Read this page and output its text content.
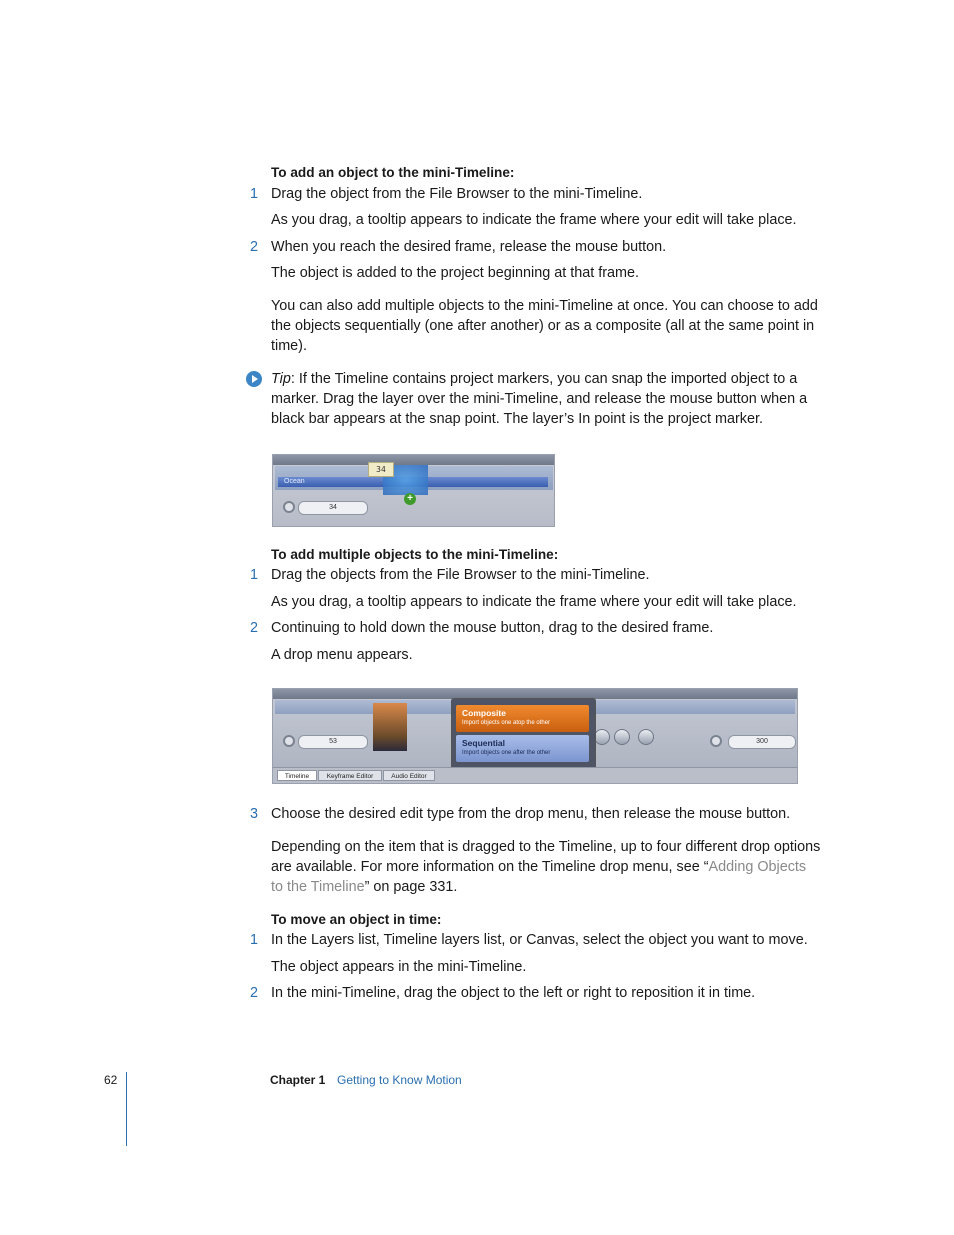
To add an object to the mini-Timeline:
1 Drag the object from the File Browser to the mini-Timeline.
As you drag, a tooltip appears to indicate the frame where your edit will take place.
2 When you reach the desired frame, release the mouse button.
The object is added to the project beginning at that frame.
You can also add multiple objects to the mini-Timeline at once. You can choose to add the objects sequentially (one after another) or as a composite (all at the same point in time).
Tip: If the Timeline contains project markers, you can snap the imported object to a marker. Drag the layer over the mini-Timeline, and release the mouse button when a black bar appears at the snap point. The layer’s In point is the project marker.
Ocean
34
+
34
To add multiple objects to the mini-Timeline:
1 Drag the objects from the File Browser to the mini-Timeline.
As you drag, a tooltip appears to indicate the frame where your edit will take place.
2 Continuing to hold down the mouse button, drag to the desired frame.
A drop menu appears.
53	300
Composite
Import objects one atop the other
Sequential
Import objects one after the other
Timeline	Keyframe Editor	Audio Editor
3 Choose the desired edit type from the drop menu, then release the mouse button.
Depending on the item that is dragged to the Timeline, up to four different drop options are available. For more information on the Timeline drop menu, see “Adding Objects to the Timeline” on page 331.
To move an object in time:
1 In the Layers list, Timeline layers list, or Canvas, select the object you want to move.
The object appears in the mini-Timeline.
2 In the mini-Timeline, drag the object to the left or right to reposition it in time.
62	Chapter 1 Getting to Know Motion
